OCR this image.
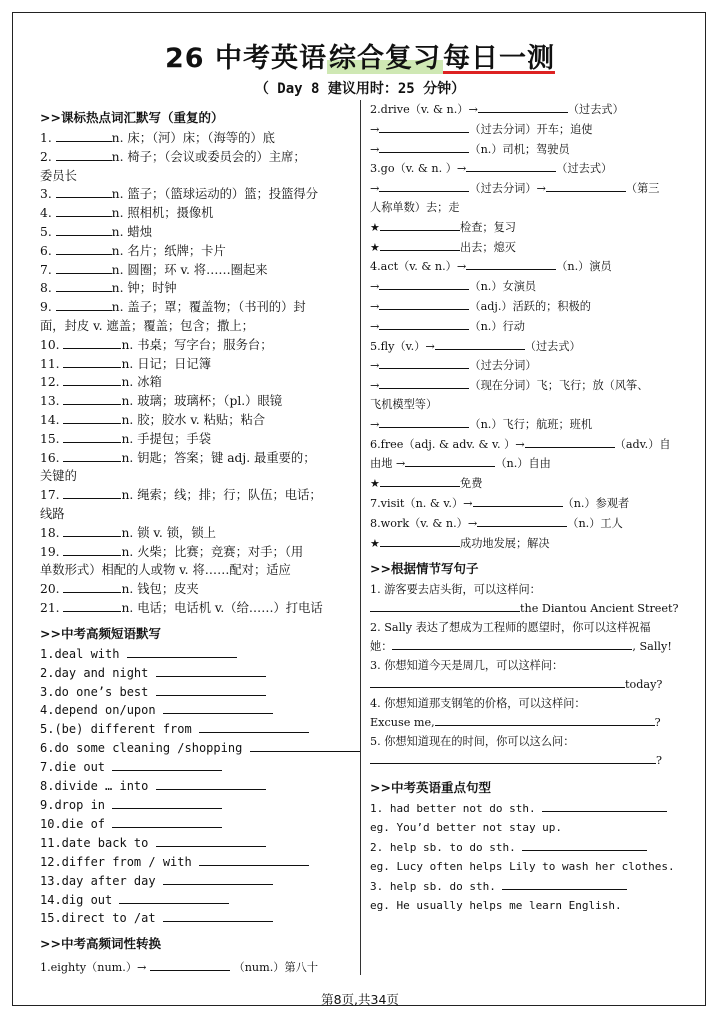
26 中考英语综合复习每日一测
（ Day 8 建议用时：25 分钟）
>>课标热点词汇默写（重复的）
1.	n. 床；（河）床；（海等的）底
2.	n. 椅子；（会议或委员会的）主席；
委员长
3.	n. 篮子；（篮球运动的）篮；投篮得分
4.	n. 照相机；摄像机
5.	n. 蜡烛
6.	n. 名片；纸牌；卡片
7.	n. 圆圈；环 v. 将……圈起来
8.	n. 钟；时钟
9.	n. 盖子；罩；覆盖物；（书刊的）封
面，封皮 v. 遮盖；覆盖；包含；撒上；
10.	n. 书桌；写字台；服务台；
11.	n. 日记；日记簿
12.	n. 冰箱
13.	n. 玻璃；玻璃杯；（pl.）眼镜
14.	n. 胶；胶水 v. 粘贴；粘合
15.	n. 手提包；手袋
16.	n. 钥匙；答案；键 adj. 最重要的；
关键的
17.	n. 绳索；线；排；行；队伍；电话；
线路
18.	n. 锁 v. 锁，锁上
19.	n. 火柴；比赛；竞赛；对手；（用
单数形式）相配的人或物 v. 将……配对；适应
20.	n. 钱包；皮夹
21.	n. 电话；电话机 v.（给……）打电话
>>中考高频短语默写
1.deal with
2.day and night
3.do one’s best
4.depend on/upon
5.(be) different from
6.do some cleaning /shopping
7.die out
8.divide … into
9.drop in
10.die of
11.date back to
12.differ from / with
13.day after day
14.dig out
15.direct to /at
>>中考高频词性转换
1.eighty（num.）→	（num.）第八十
2.drive（v. & n.）→	（过去式）
→	（过去分词）开车；追使
→	（n.）司机；驾驶员
3.go（v. & n. ）→	（过去式）
→	（过去分词）→	（第三
人称单数）去；走
★	检查；复习
★	出去；熄灭
4.act（v. & n.）→	（n.）演员
→	（n.）女演员
→	（adj.）活跃的；积极的
→	（n.）行动
5.fly（v.）→	（过去式）
→	（过去分词）
→	（现在分词）飞；飞行；放（风筝、
飞机模型等）
→	（n.）飞行；航班；班机
6.free（adj. & adv. & v. ）→	（adv.）自
由地 →	（n.）自由
★	免费
7.visit（n. & v.）→	（n.）参观者
8.work（v. & n.）→	（n.）工人
★	成功地发展；解决
>>根据情节写句子
1. 游客要去店头街，可以这样问：
the Diantou Ancient Street?
2. Sally 表达了想成为工程师的愿望时，你可以这样祝福
她：	, Sally!
3. 你想知道今天是周几，可以这样问：
today?
4. 你想知道那支钢笔的价格，可以这样问：
Excuse me,	?
5. 你想知道现在的时间，你可以这么问：
?
>>中考英语重点句型
1. had better not do sth.
eg. You’d better not stay up.
2. help sb. to do sth.
eg. Lucy often helps Lily to wash her clothes.
3. help sb. do sth.
eg. He usually helps me learn English.
第8页,共34页
